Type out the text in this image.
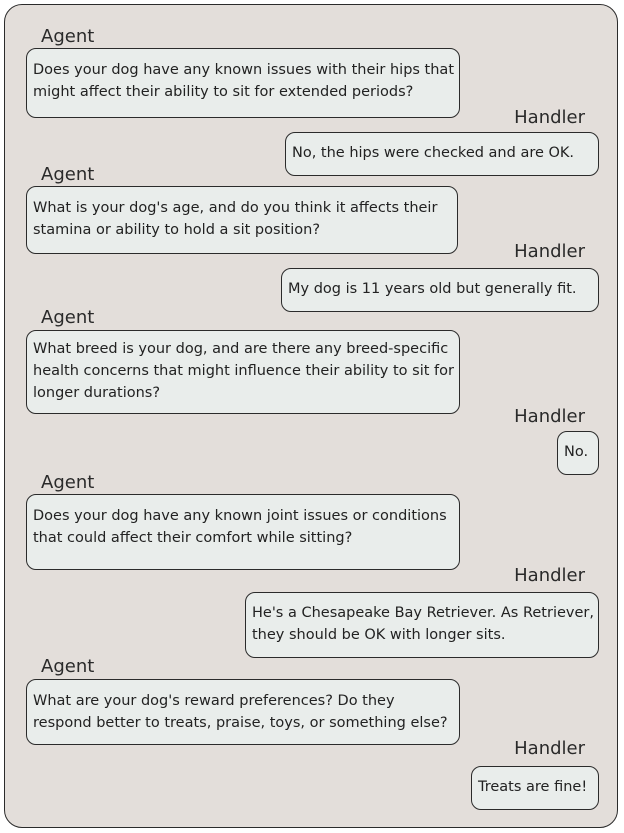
Agent
Does your dog have any known issues with their hips that
might affect their ability to sit for extended periods?
Handler
No, the hips were checked and are OK.
Agent
What is your dog's age, and do you think it affects their
stamina or ability to hold a sit position?
Handler
My dog is 11 years old but generally fit.
Agent
What breed is your dog, and are there any breed-specific
health concerns that might influence their ability to sit for
longer durations?
Handler
No.
Agent
Does your dog have any known joint issues or conditions
that could affect their comfort while sitting?
Handler
He's a Chesapeake Bay Retriever. As Retriever,
they should be OK with longer sits.
Agent
What are your dog's reward preferences? Do they
respond better to treats, praise, toys, or something else?
Handler
Treats are fine!
